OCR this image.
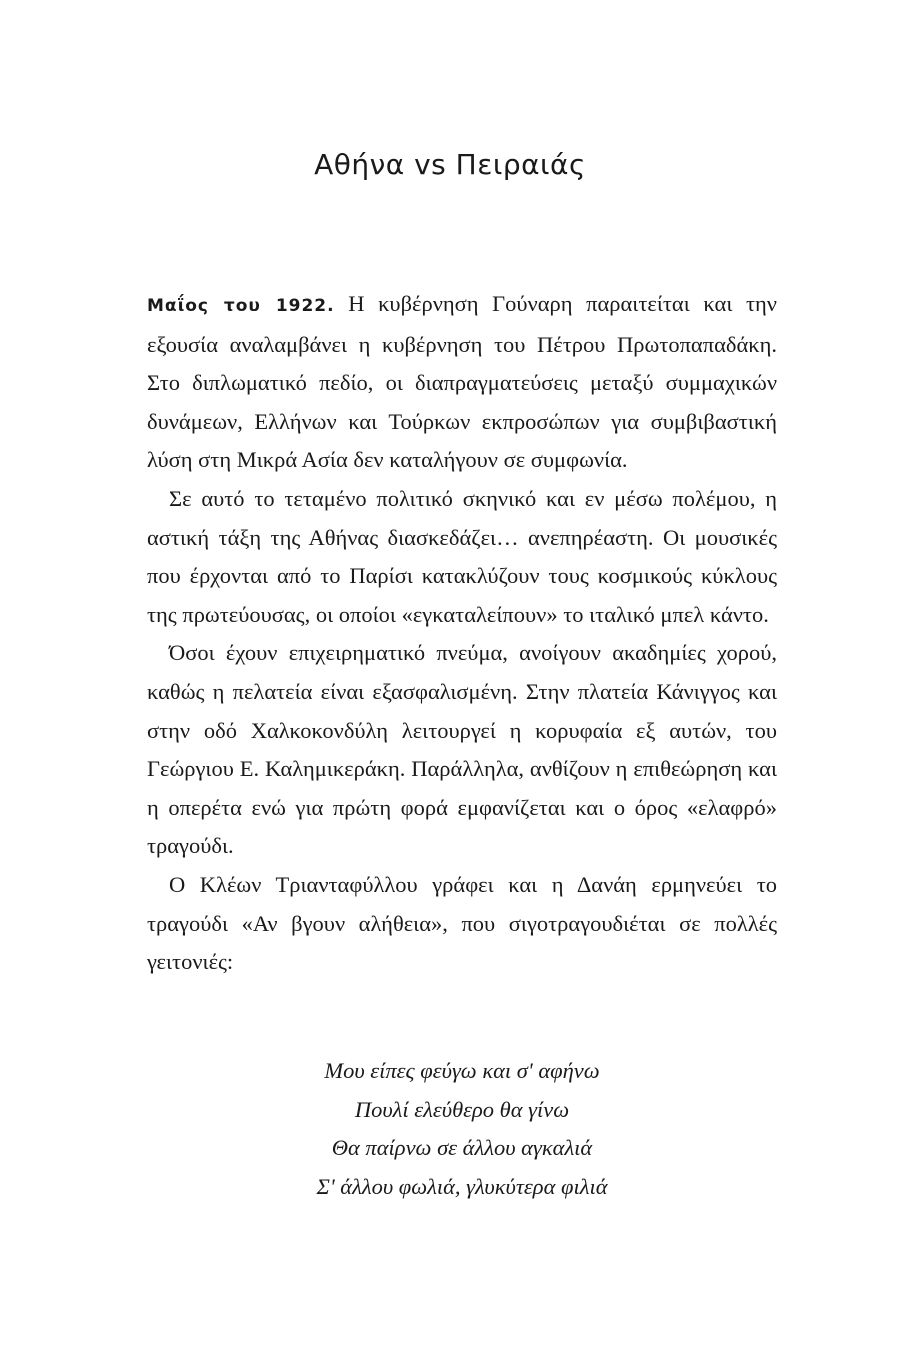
Αθήνα vs Πειραιάς

Μαΐος του 1922. Η κυβέρνηση Γούναρη παραιτείται και την εξουσία αναλαμβάνει η κυβέρνηση του Πέτρου Πρωτοπαπαδάκη. Στο διπλωματικό πεδίο, οι διαπραγματεύσεις μεταξύ συμμαχικών δυνάμεων, Ελλήνων και Τούρκων εκπροσώπων για συμβιβαστική λύση στη Μικρά Ασία δεν καταλήγουν σε συμφωνία.

Σε αυτό το τεταμένο πολιτικό σκηνικό και εν μέσω πολέμου, η αστική τάξη της Αθήνας διασκεδάζει… ανεπηρέαστη. Οι μουσικές που έρχονται από το Παρίσι κατακλύζουν τους κοσμικούς κύκλους της πρωτεύουσας, οι οποίοι «εγκαταλείπουν» το ιταλικό μπελ κάντο.

Όσοι έχουν επιχειρηματικό πνεύμα, ανοίγουν ακαδημίες χορού, καθώς η πελατεία είναι εξασφαλισμένη. Στην πλατεία Κάνιγγος και στην οδό Χαλκοκονδύλη λειτουργεί η κορυφαία εξ αυτών, του Γεώργιου Ε. Καλημικεράκη. Παράλληλα, ανθίζουν η επιθεώρηση και η οπερέτα ενώ για πρώτη φορά εμφανίζεται και ο όρος «ελαφρό» τραγούδι.

Ο Κλέων Τριανταφύλλου γράφει και η Δανάη ερμηνεύει το τραγούδι «Αν βγουν αλήθεια», που σιγοτραγουδιέται σε πολλές γειτονιές:

Μου είπες φεύγω και σ' αφήνω
Πουλί ελεύθερο θα γίνω
Θα παίρνω σε άλλου αγκαλιά
Σ' άλλου φωλιά, γλυκύτερα φιλιά
